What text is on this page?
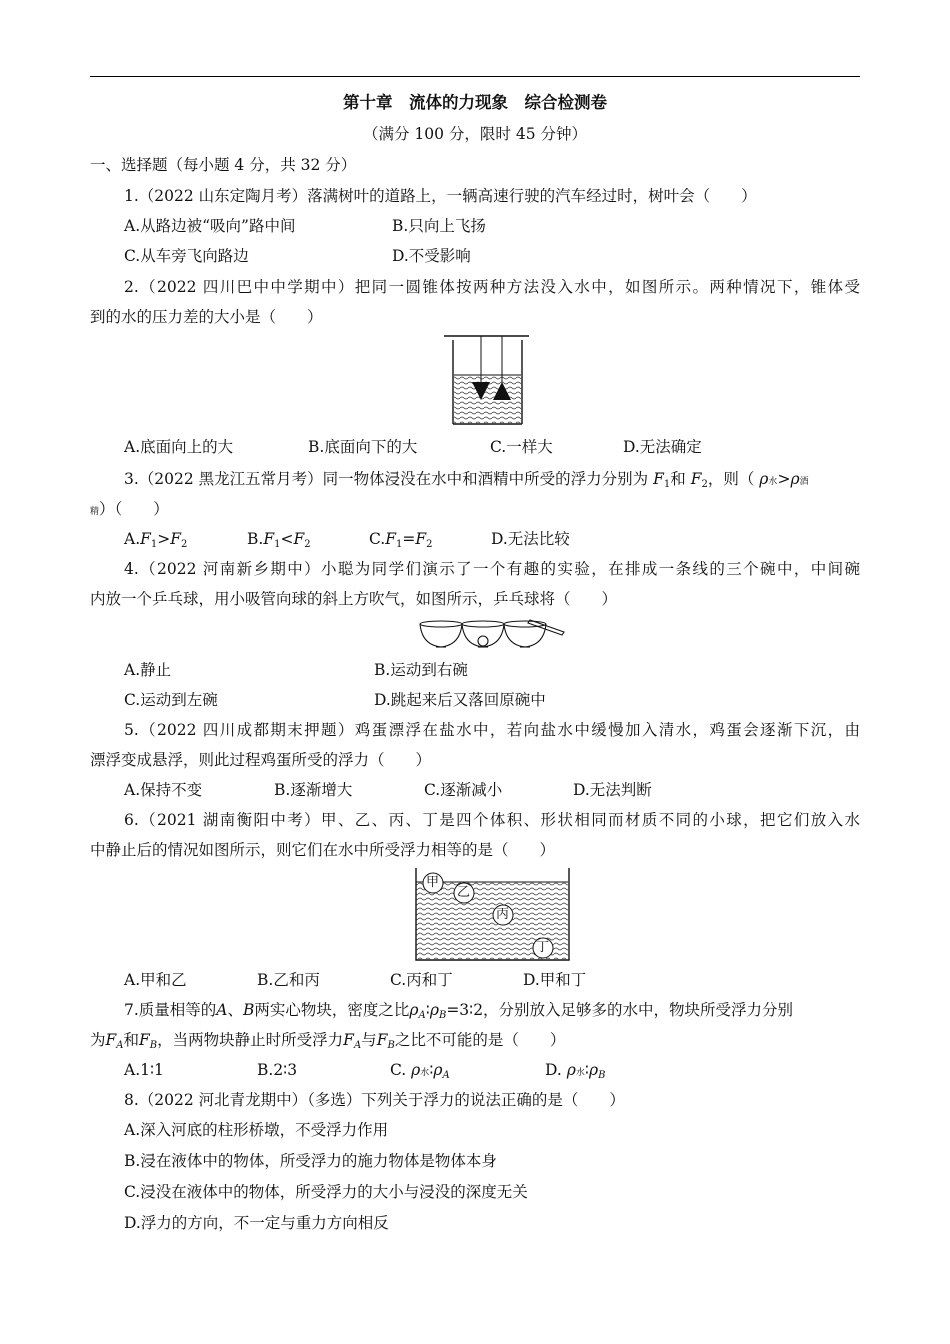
第十章　流体的力现象　综合检测卷
（满分 100 分，限时 45 分钟）
一、选择题（每小题 4 分，共 32 分）
1.（2022 山东定陶月考）落满树叶的道路上，一辆高速行驶的汽车经过时，树叶会（　　）
A.从路边被“吸向”路中间	B.只向上飞扬
C.从车旁飞向路边	D.不受影响
2.（2022 四川巴中中学期中）把同一圆锥体按两种方法没入水中，如图所示。两种情况下，锥体受
到的水的压力差的大小是（　　）
A.底面向上的大	B.底面向下的大	C.一样大	D.无法确定
3.（2022 黑龙江五常月考）同一物体浸没在水中和酒精中所受的浮力分别为 $F_1$和 $F_2$，则（ ρ水>ρ酒
精）（　　）
$A.F_1>F_2$	$B.F_1<F_2$	$C.F_1=F_2$	D.无法比较
4.（2022 河南新乡期中）小聪为同学们演示了一个有趣的实验，在排成一条线的三个碗中，中间碗
内放一个乒乓球，用小吸管向球的斜上方吹气，如图所示，乒乓球将（　　）
A.静止	B.运动到右碗
C.运动到左碗	D.跳起来后又落回原碗中
5.（2022 四川成都期末押题）鸡蛋漂浮在盐水中，若向盐水中缓慢加入清水，鸡蛋会逐渐下沉，由
漂浮变成悬浮，则此过程鸡蛋所受的浮力（　　）
A.保持不变	B.逐渐增大	C.逐渐减小	D.无法判断
6.（2021 湖南衡阳中考）甲、乙、丙、丁是四个体积、形状相同而材质不同的小球，把它们放入水
中静止后的情况如图所示，则它们在水中所受浮力相等的是（　　）
甲
乙
丙
丁
A.甲和乙	B.乙和丙	C.丙和丁	D.甲和丁
7.质量相等的A、B两实心物块，密度之比$\rho_A∶\rho_B=3∶2$，分别放入足够多的水中，物块所受浮力分别
为$F_A$和$F_B$，当两物块静止时所受浮力$F_A$与$F_B$之比不可能的是（　　）
A.1∶1	B.2∶3	C. ρ水$∶\rho_A$	D. ρ水$∶\rho_B$
8.（2022 河北青龙期中）（多选）下列关于浮力的说法正确的是（　　）
A.深入河底的柱形桥墩，不受浮力作用
B.浸在液体中的物体，所受浮力的施力物体是物体本身
C.浸没在液体中的物体，所受浮力的大小与浸没的深度无关
D.浮力的方向，不一定与重力方向相反
